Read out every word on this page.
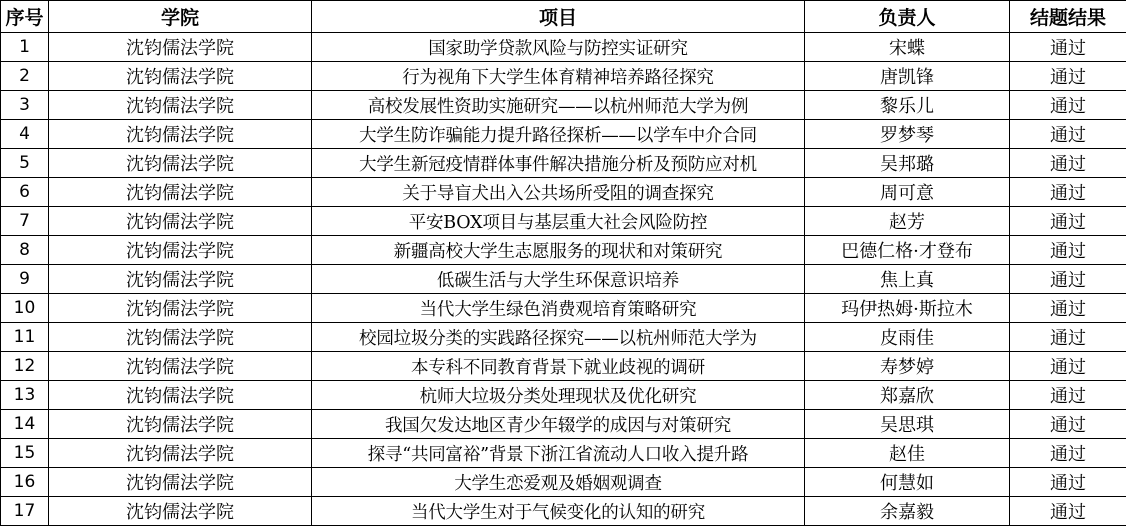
序号	学院	项目	负责人	结题结果
1	沈钧儒法学院	国家助学贷款风险与防控实证研究	宋蝶	通过
2	沈钧儒法学院	行为视角下大学生体育精神培养路径探究	唐凯锋	通过
3	沈钧儒法学院	高校发展性资助实施研究——以杭州师范大学为例	黎乐儿	通过
4	沈钧儒法学院	大学生防诈骗能力提升路径探析——以学车中介合同	罗梦琴	通过
5	沈钧儒法学院	大学生新冠疫情群体事件解决措施分析及预防应对机	吴邦璐	通过
6	沈钧儒法学院	关于导盲犬出入公共场所受阻的调查探究	周可意	通过
7	沈钧儒法学院	平安BOX项目与基层重大社会风险防控	赵芳	通过
8	沈钧儒法学院	新疆高校大学生志愿服务的现状和对策研究	巴德仁格·才登布	通过
9	沈钧儒法学院	低碳生活与大学生环保意识培养	焦上真	通过
10	沈钧儒法学院	当代大学生绿色消费观培育策略研究	玛伊热姆·斯拉木	通过
11	沈钧儒法学院	校园垃圾分类的实践路径探究——以杭州师范大学为	皮雨佳	通过
12	沈钧儒法学院	本专科不同教育背景下就业歧视的调研	寿梦婷	通过
13	沈钧儒法学院	杭师大垃圾分类处理现状及优化研究	郑嘉欣	通过
14	沈钧儒法学院	我国欠发达地区青少年辍学的成因与对策研究	吴思琪	通过
15	沈钧儒法学院	探寻“共同富裕”背景下浙江省流动人口收入提升路	赵佳	通过
16	沈钧儒法学院	大学生恋爱观及婚姻观调查	何慧如	通过
17	沈钧儒法学院	当代大学生对于气候变化的认知的研究	余嘉毅	通过
